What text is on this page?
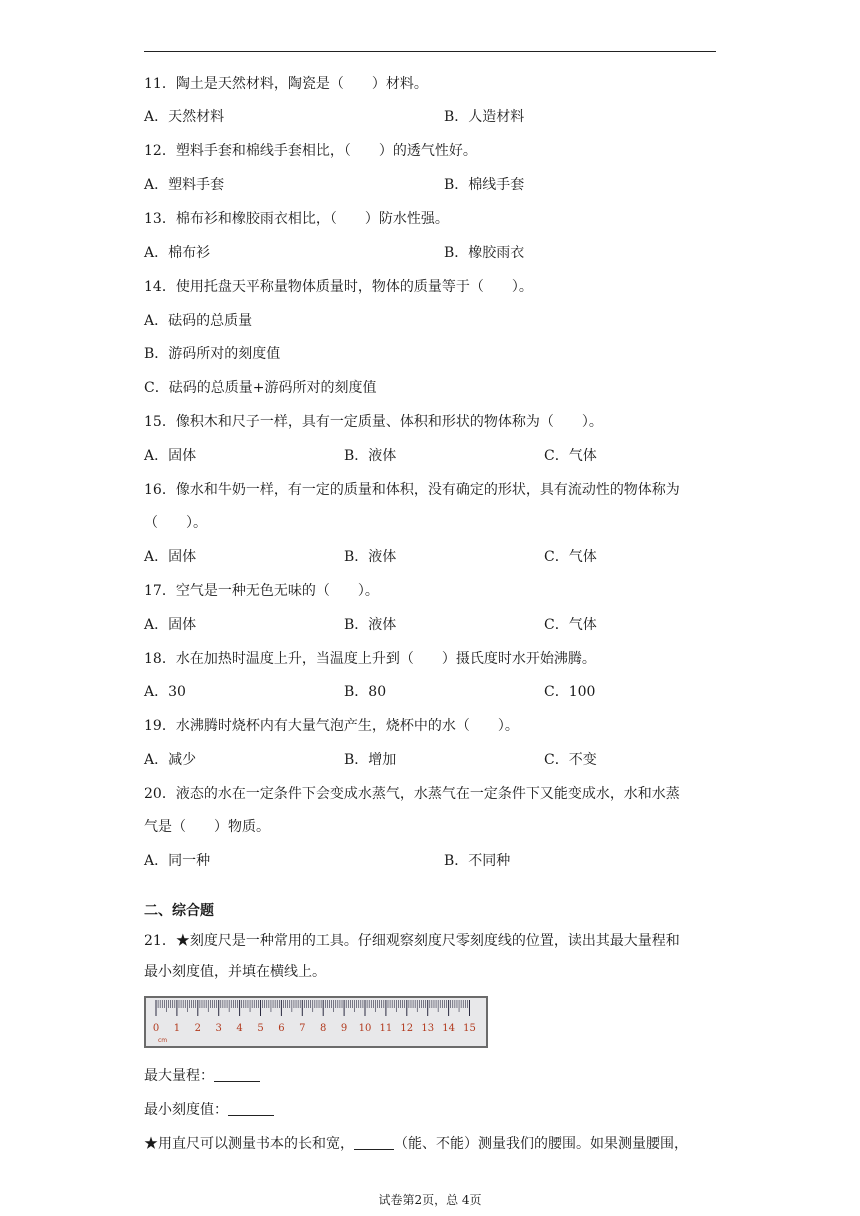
11．陶土是天然材料，陶瓷是（　　）材料。
A．天然材料	B．人造材料
12．塑料手套和棉线手套相比，（　　）的透气性好。
A．塑料手套	B．棉线手套
13．棉布衫和橡胶雨衣相比，（　　）防水性强。
A．棉布衫	B．橡胶雨衣
14．使用托盘天平称量物体质量时，物体的质量等于（　　）。
A．砝码的总质量
B．游码所对的刻度值
C．砝码的总质量+游码所对的刻度值
15．像积木和尺子一样，具有一定质量、体积和形状的物体称为（　　）。
A．固体	B．液体	C．气体
16．像水和牛奶一样，有一定的质量和体积，没有确定的形状，具有流动性的物体称为
（　　）。
A．固体	B．液体	C．气体
17．空气是一种无色无味的（　　）。
A．固体	B．液体	C．气体
18．水在加热时温度上升，当温度上升到（　　）摄氏度时水开始沸腾。
A．30	B．80	C．100
19．水沸腾时烧杯内有大量气泡产生，烧杯中的水（　　）。
A．减少	B．增加	C．不变
20．液态的水在一定条件下会变成水蒸气，水蒸气在一定条件下又能变成水，水和水蒸
气是（　　）物质。
A．同一种	B．不同种
二、综合题
21．★刻度尺是一种常用的工具。仔细观察刻度尺零刻度线的位置，读出其最大量程和
最小刻度值，并填在横线上。
0 1 2 3 4 5 6 7 8 9 10 11 12 13 14 15
cm
最大量程：
最小刻度值：
★用直尺可以测量书本的长和宽，	（能、不能）测量我们的腰围。如果测量腰围，
试卷第2页，总 4页
